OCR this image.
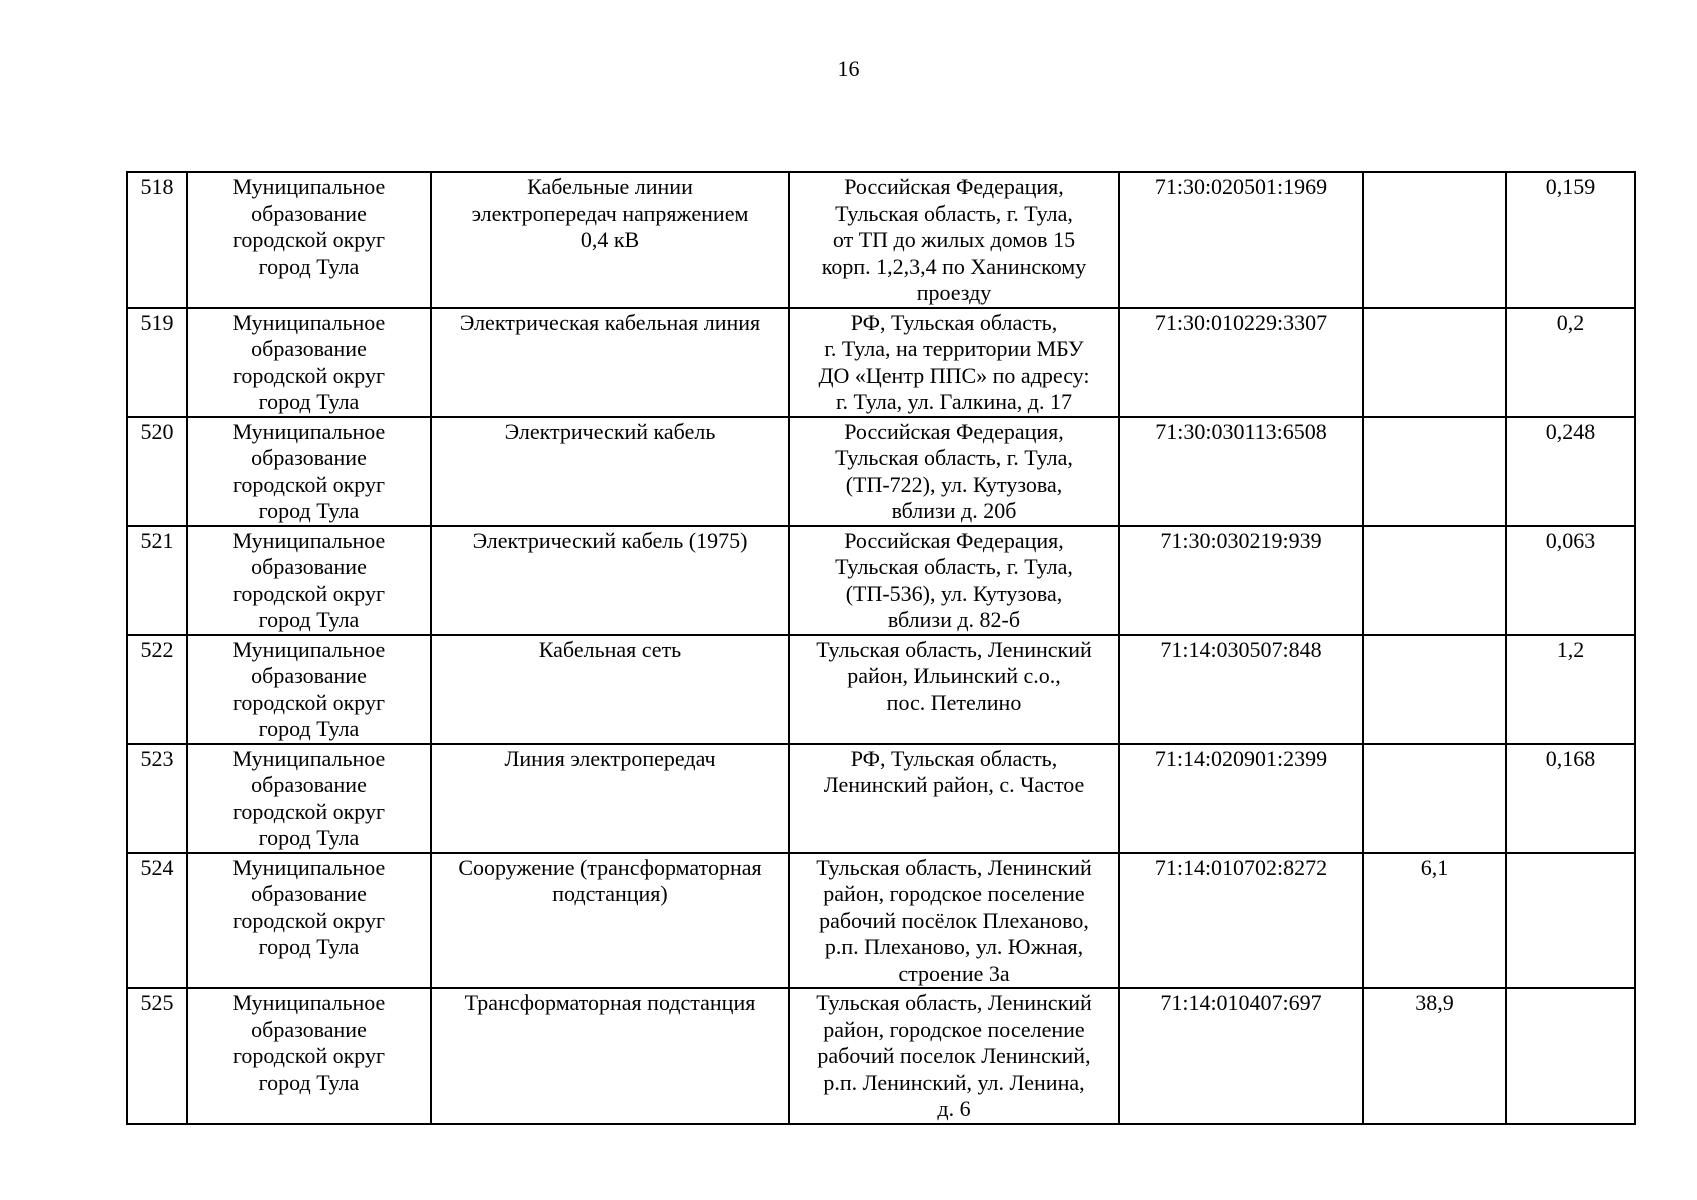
16
518	Муниципальное
образование
городской округ
город Тула	Кабельные линии
электропередач напряжением
0,4 кВ	Российская Федерация,
Тульская область, г. Тула,
от ТП до жилых домов 15
корп. 1,2,3,4 по Ханинскому
проезду	71:30:020501:1969		0,159
519	Муниципальное
образование
городской округ
город Тула	Электрическая кабельная линия	РФ, Тульская область,
г. Тула, на территории МБУ
ДО «Центр ППС» по адресу:
г. Тула, ул. Галкина, д. 17	71:30:010229:3307		0,2
520	Муниципальное
образование
городской округ
город Тула	Электрический кабель	Российская Федерация,
Тульская область, г. Тула,
(ТП-722), ул. Кутузова,
вблизи д. 20б	71:30:030113:6508		0,248
521	Муниципальное
образование
городской округ
город Тула	Электрический кабель (1975)	Российская Федерация,
Тульская область, г. Тула,
(ТП-536), ул. Кутузова,
вблизи д. 82-б	71:30:030219:939		0,063
522	Муниципальное
образование
городской округ
город Тула	Кабельная сеть	Тульская область, Ленинский
район, Ильинский с.о.,
пос. Петелино	71:14:030507:848		1,2
523	Муниципальное
образование
городской округ
город Тула	Линия электропередач	РФ, Тульская область,
Ленинский район, с. Частое	71:14:020901:2399		0,168
524	Муниципальное
образование
городской округ
город Тула	Сооружение (трансформаторная
подстанция)	Тульская область, Ленинский
район, городское поселение
рабочий посёлок Плеханово,
р.п. Плеханово, ул. Южная,
строение 3а	71:14:010702:8272	6,1	
525	Муниципальное
образование
городской округ
город Тула	Трансформаторная подстанция	Тульская область, Ленинский
район, городское поселение
рабочий поселок Ленинский,
р.п. Ленинский, ул. Ленина,
д. 6	71:14:010407:697	38,9	
